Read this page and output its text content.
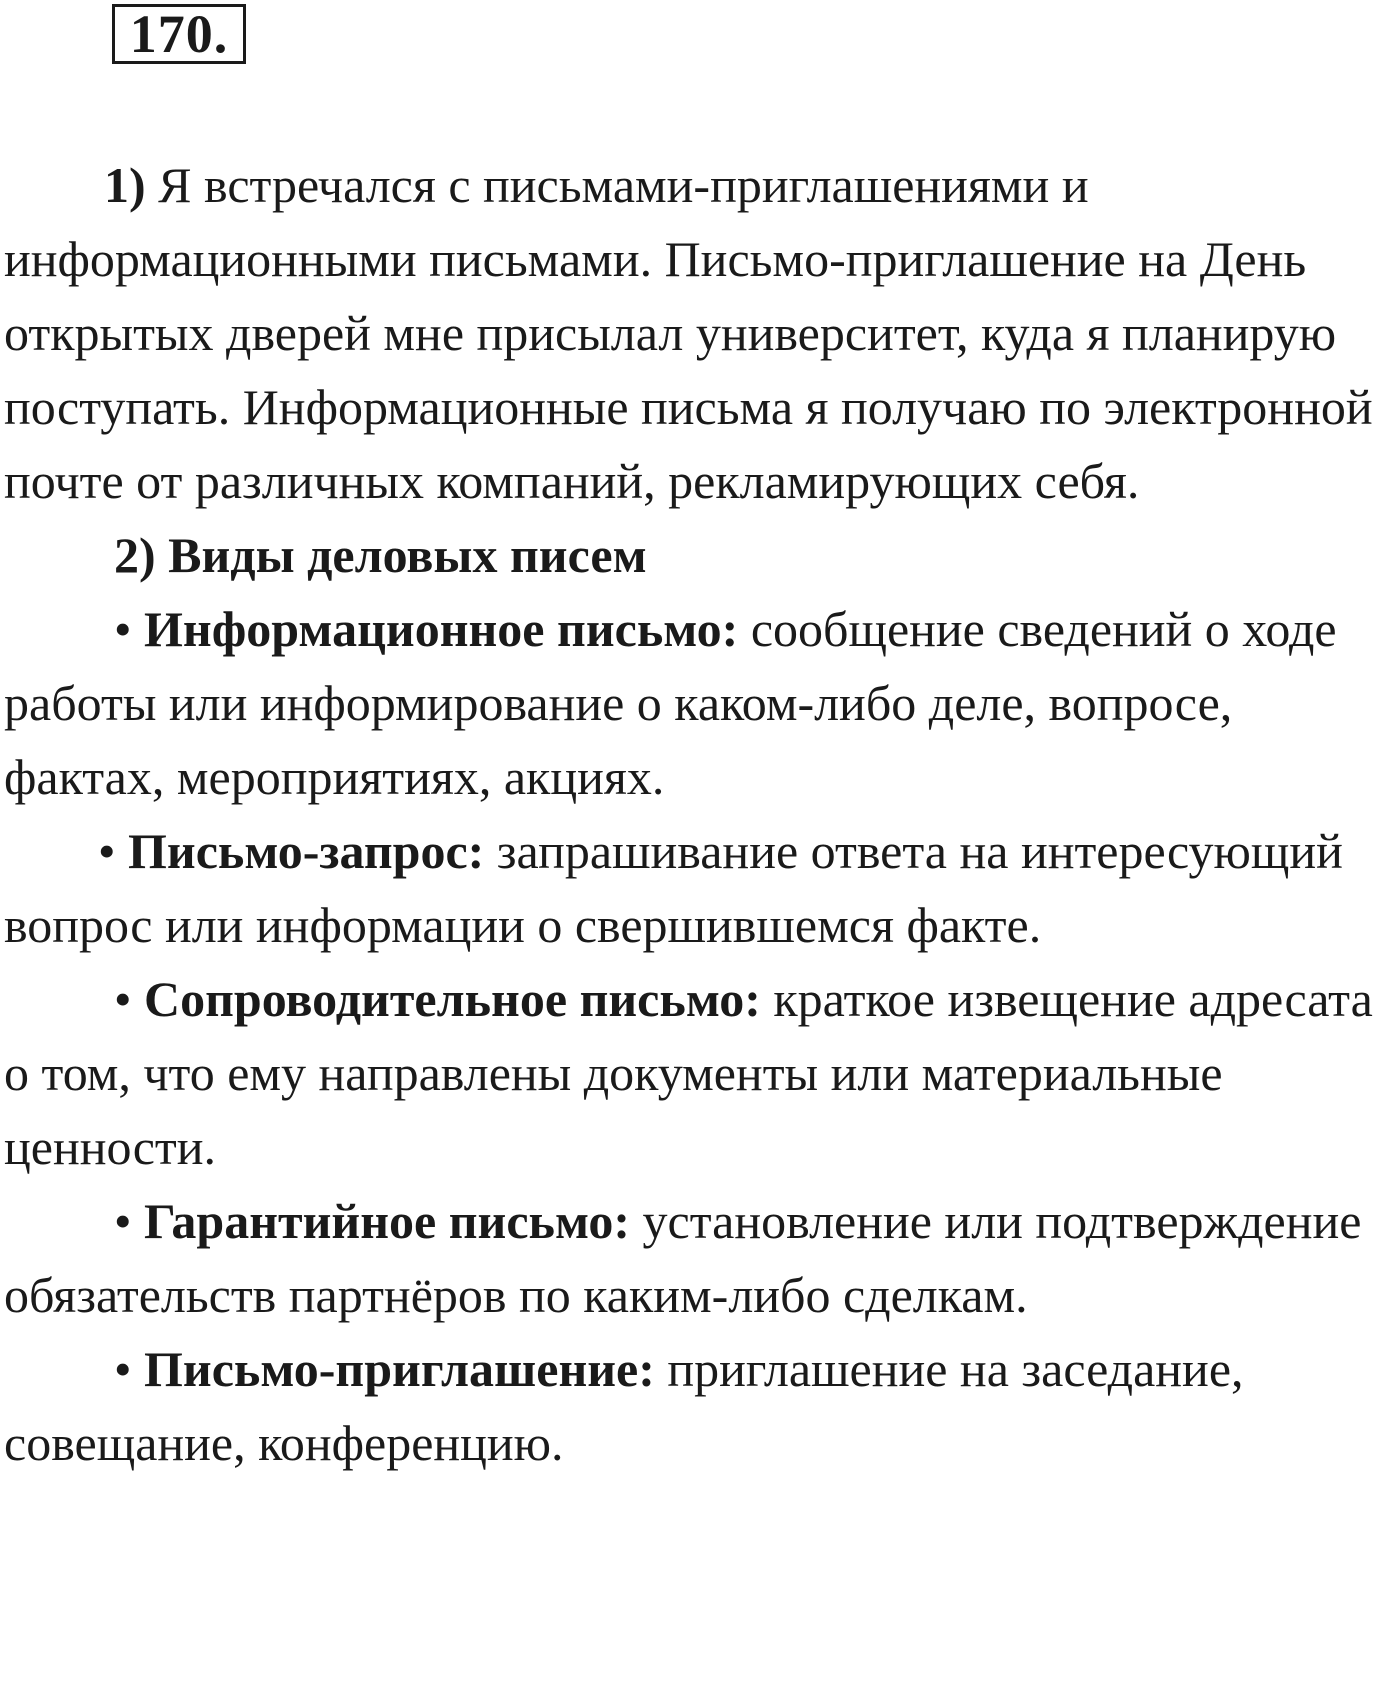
170.

1) Я встречался с письмами-приглашениями и информационными письмами. Письмо-приглашение на День открытых дверей мне присылал университет, куда я планирую поступать. Информационные письма я получаю по электронной почте от различных компаний, рекламирующих себя.

2) Виды деловых писем

• Информационное письмо: сообщение сведений о ходе работы или информирование о каком-либо деле, вопросе, фактах, мероприятиях, акциях.

• Письмо-запрос: запрашивание ответа на интересующий вопрос или информации о свершившемся факте.

• Сопроводительное письмо: краткое извещение адресата о том, что ему направлены документы или материальные ценности.

• Гарантийное письмо: установление или подтверждение обязательств партнёров по каким-либо сделкам.

• Письмо-приглашение: приглашение на заседание, совещание, конференцию.
